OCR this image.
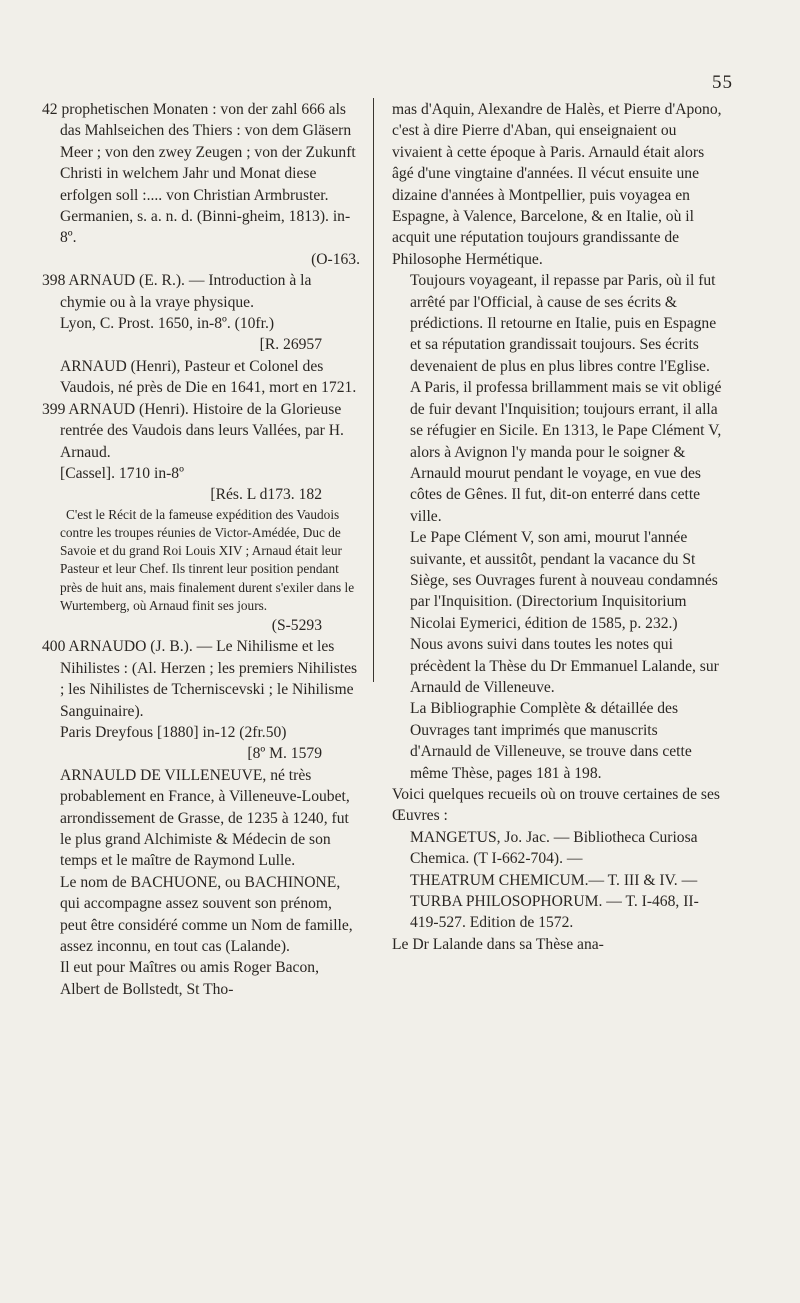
55

42 prophetischen Monaten : von der zahl 666 als das Mahlseichen des Thiers : von dem Gläsern Meer ; von den zwey Zeugen ; von der Zukunft Christi in welchem Jahr und Monat diese erfolgen soll :.... von Christian Armbruster.

Germanien, s. a. n. d. (Binni-gheim, 1813). in-8º.

(O-163.

398 ARNAUD (E. R.). — Introduction à la chymie ou à la vraye physique.

Lyon, C. Prost. 1650, in-8º. (10fr.)

[R. 26957

ARNAUD (Henri), Pasteur et Colonel des Vaudois, né près de Die en 1641, mort en 1721.

399 ARNAUD (Henri). Histoire de la Glorieuse rentrée des Vaudois dans leurs Vallées, par H. Arnaud.

[Cassel]. 1710 in-8º

[Rés. L d173. 182

C'est le Récit de la fameuse expédition des Vaudois contre les troupes réunies de Victor-Amédée, Duc de Savoie et du grand Roi Louis XIV ; Arnaud était leur Pasteur et leur Chef. Ils tinrent leur position pendant près de huit ans, mais finalement durent s'exiler dans le Wurtemberg, où Arnaud finit ses jours.

(S-5293

400 ARNAUDO (J. B.). — Le Nihilisme et les Nihilistes : (Al. Herzen ; les premiers Nihilistes ; les Nihilistes de Tcherniscevski ; le Nihilisme Sanguinaire).

Paris Dreyfous [1880] in-12 (2fr.50)

[8º M. 1579

ARNAULD DE VILLENEUVE, né très probablement en France, à Villeneuve-Loubet, arrondissement de Grasse, de 1235 à 1240, fut le plus grand Alchimiste & Médecin de son temps et le maître de Raymond Lulle.

Le nom de BACHUONE, ou BACHINONE, qui accompagne assez souvent son prénom, peut être considéré comme un Nom de famille, assez inconnu, en tout cas (Lalande).

Il eut pour Maîtres ou amis Roger Bacon, Albert de Bollstedt, St Tho-

mas d'Aquin, Alexandre de Halès, et Pierre d'Apono, c'est à dire Pierre d'Aban, qui enseignaient ou vivaient à cette époque à Paris. Arnauld était alors âgé d'une vingtaine d'années. Il vécut ensuite une dizaine d'années à Montpellier, puis voyagea en Espagne, à Valence, Barcelone, & en Italie, où il acquit une réputation toujours grandissante de Philosophe Hermétique.

Toujours voyageant, il repasse par Paris, où il fut arrêté par l'Official, à cause de ses écrits & prédictions. Il retourne en Italie, puis en Espagne et sa réputation grandissait toujours. Ses écrits devenaient de plus en plus libres contre l'Eglise. A Paris, il professa brillamment mais se vit obligé de fuir devant l'Inquisition; toujours errant, il alla se réfugier en Sicile. En 1313, le Pape Clément V, alors à Avignon l'y manda pour le soigner & Arnauld mourut pendant le voyage, en vue des côtes de Gênes. Il fut, dit-on enterré dans cette ville.

Le Pape Clément V, son ami, mourut l'année suivante, et aussitôt, pendant la vacance du St Siège, ses Ouvrages furent à nouveau condamnés par l'Inquisition. (Directorium Inquisitorium Nicolai Eymerici, édition de 1585, p. 232.)

Nous avons suivi dans toutes les notes qui précèdent la Thèse du Dr Emmanuel Lalande, sur Arnauld de Villeneuve.

La Bibliographie Complète & détaillée des Ouvrages tant imprimés que manuscrits d'Arnauld de Villeneuve, se trouve dans cette même Thèse, pages 181 à 198.

Voici quelques recueils où on trouve certaines de ses Œuvres :

MANGETUS, Jo. Jac. — Bibliotheca Curiosa Chemica. (T I-662-704). —

THEATRUM CHEMICUM.— T. III & IV. —

TURBA PHILOSOPHORUM. — T. I-468, II-419-527. Edition de 1572.

Le Dr Lalande dans sa Thèse ana-
